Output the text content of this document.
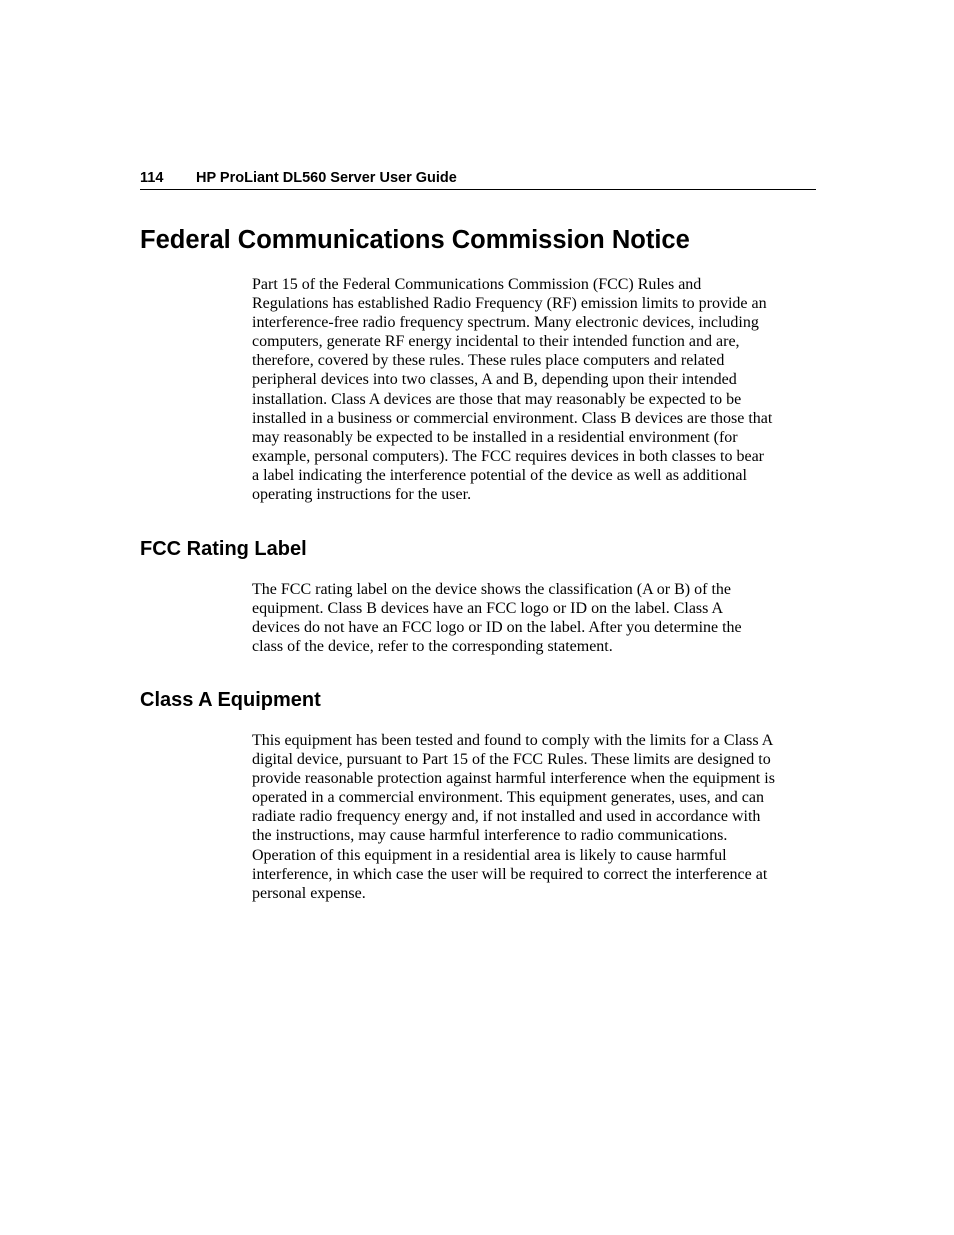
114 HP ProLiant DL560 Server User Guide
Federal Communications Commission Notice
Part 15 of the Federal Communications Commission (FCC) Rules and
Regulations has established Radio Frequency (RF) emission limits to provide an
interference-free radio frequency spectrum. Many electronic devices, including
computers, generate RF energy incidental to their intended function and are,
therefore, covered by these rules. These rules place computers and related
peripheral devices into two classes, A and B, depending upon their intended
installation. Class A devices are those that may reasonably be expected to be
installed in a business or commercial environment. Class B devices are those that
may reasonably be expected to be installed in a residential environment (for
example, personal computers). The FCC requires devices in both classes to bear
a label indicating the interference potential of the device as well as additional
operating instructions for the user.
FCC Rating Label
The FCC rating label on the device shows the classification (A or B) of the
equipment. Class B devices have an FCC logo or ID on the label. Class A
devices do not have an FCC logo or ID on the label. After you determine the
class of the device, refer to the corresponding statement.
Class A Equipment
This equipment has been tested and found to comply with the limits for a Class A
digital device, pursuant to Part 15 of the FCC Rules. These limits are designed to
provide reasonable protection against harmful interference when the equipment is
operated in a commercial environment. This equipment generates, uses, and can
radiate radio frequency energy and, if not installed and used in accordance with
the instructions, may cause harmful interference to radio communications.
Operation of this equipment in a residential area is likely to cause harmful
interference, in which case the user will be required to correct the interference at
personal expense.
